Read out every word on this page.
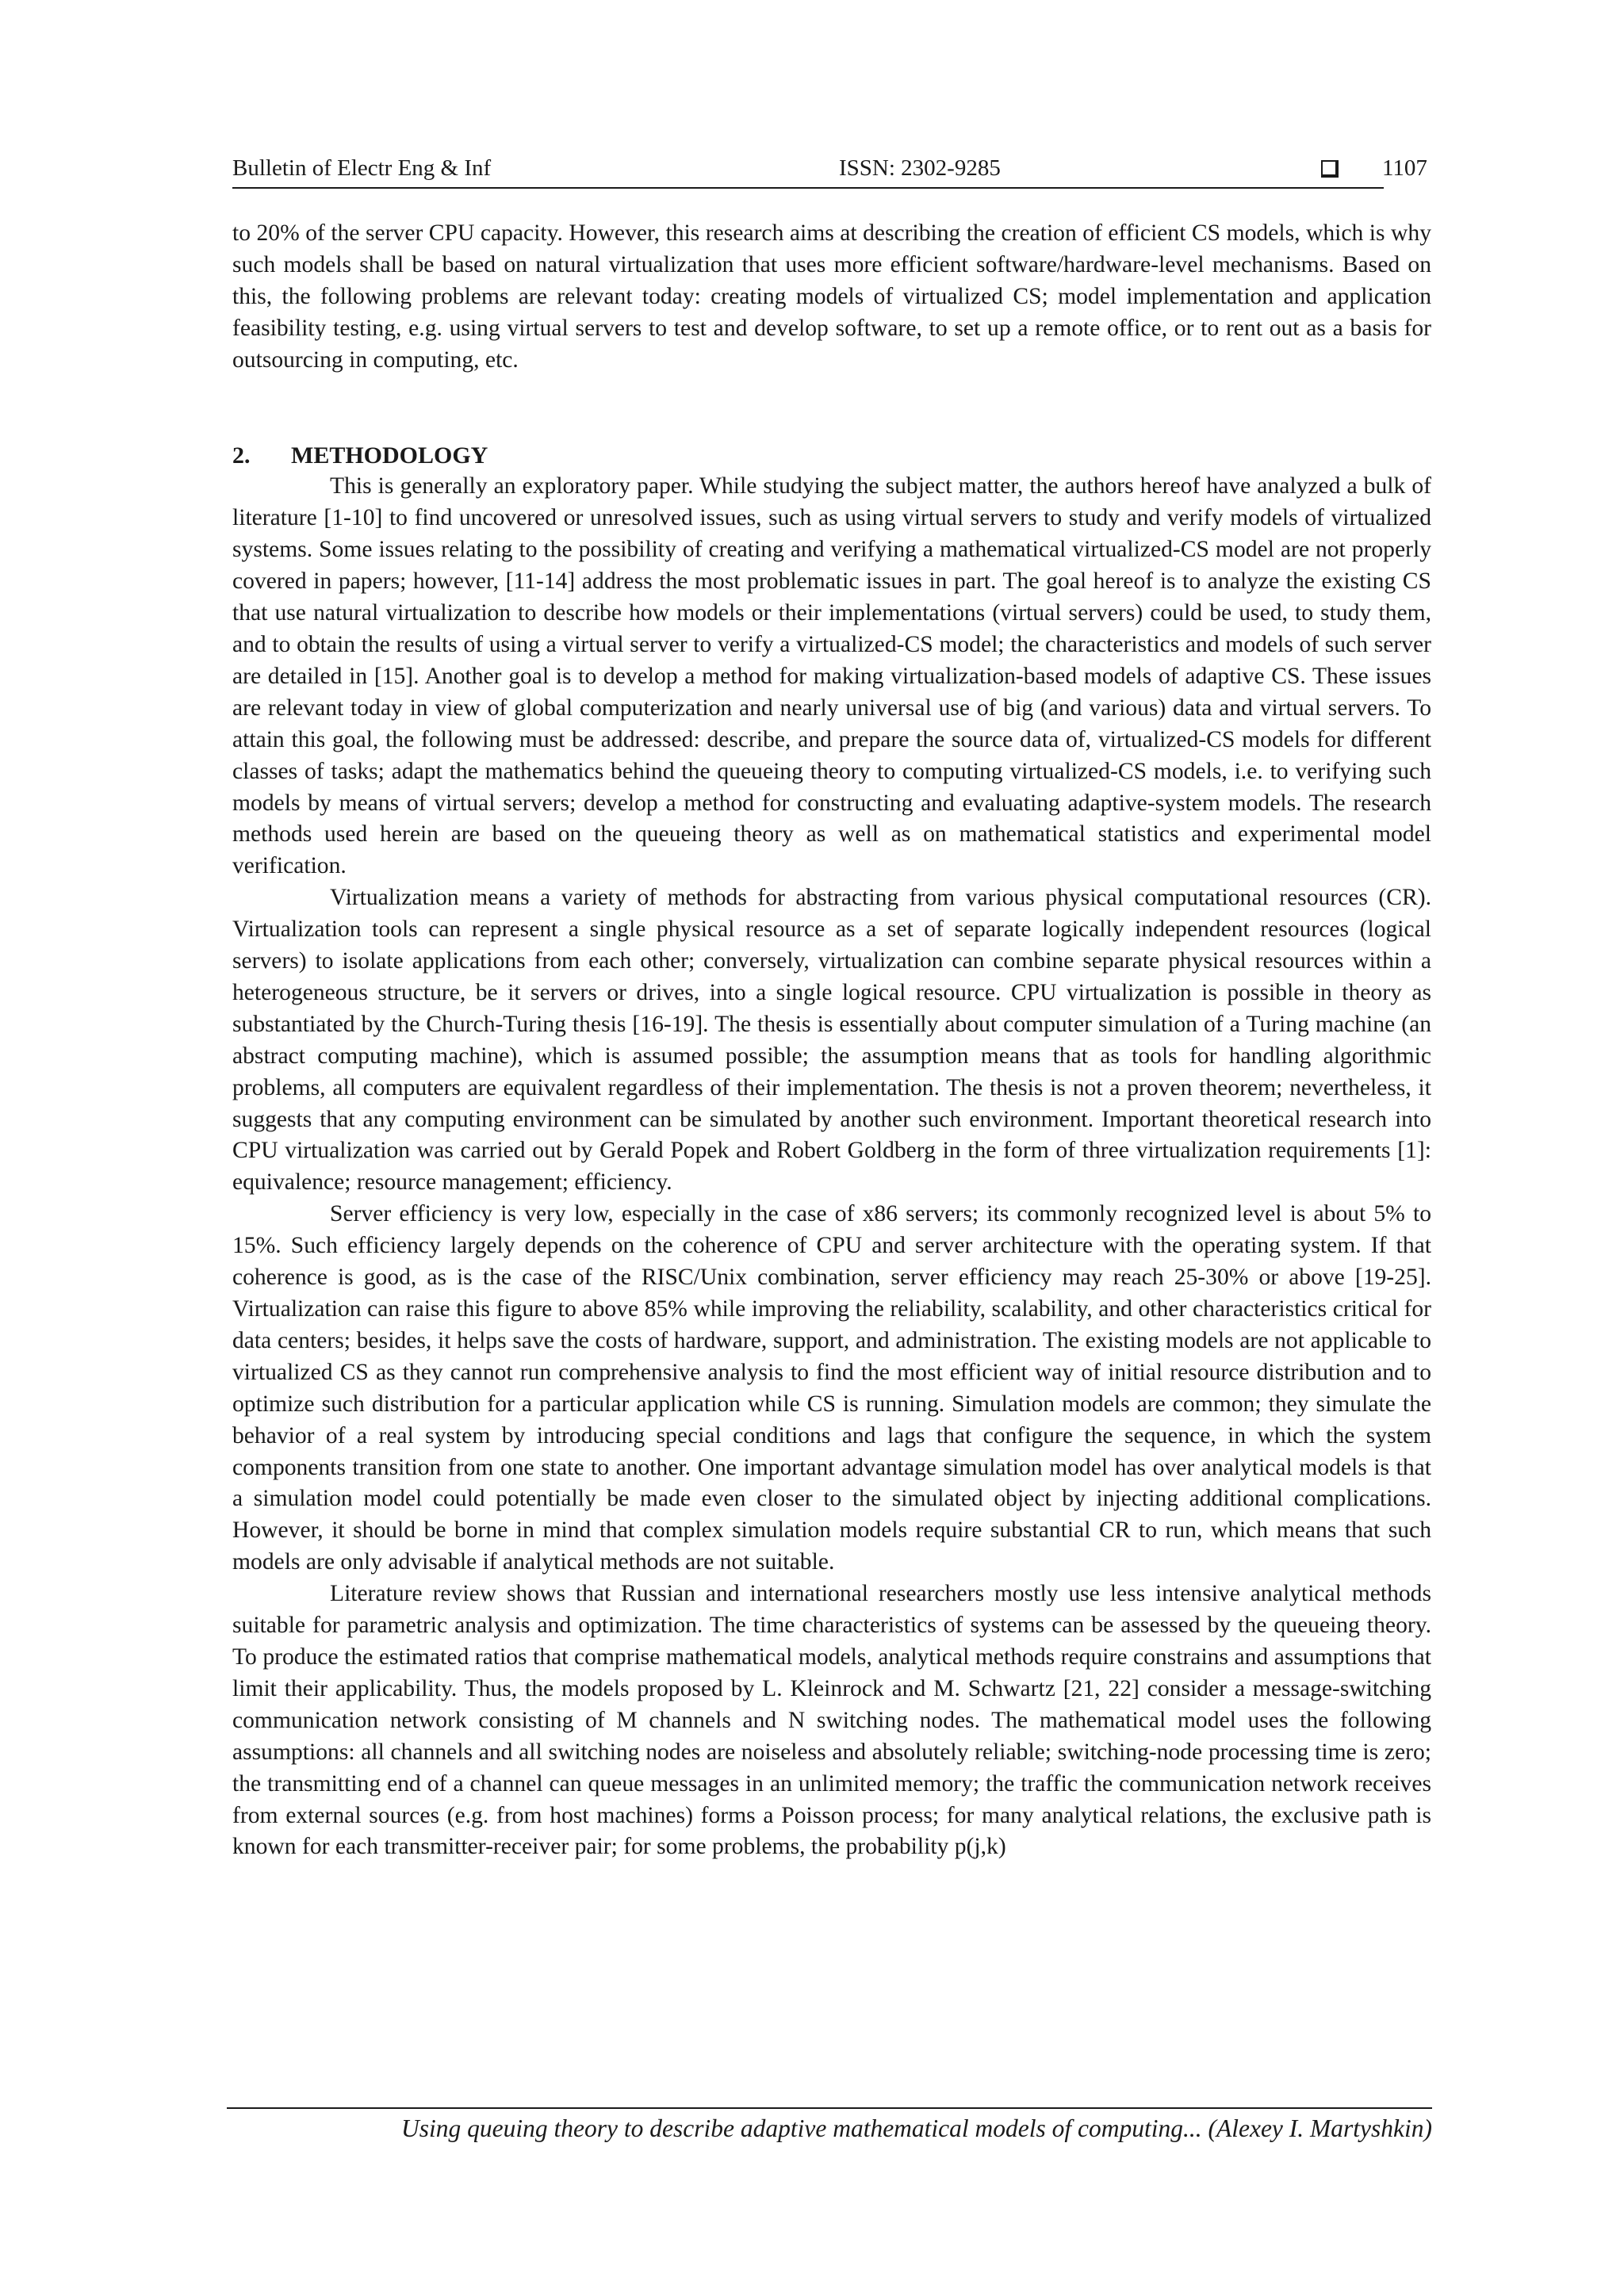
Bulletin of Electr Eng & Inf	ISSN: 2302-9285	1107

to 20% of the server CPU capacity. However, this research aims at describing the creation of efficient CS models, which is why such models shall be based on natural virtualization that uses more efficient software/hardware-level mechanisms. Based on this, the following problems are relevant today: creating models of virtualized CS; model implementation and application feasibility testing, e.g. using virtual servers to test and develop software, to set up a remote office, or to rent out as a basis for outsourcing in computing, etc.

2. METHODOLOGY

This is generally an exploratory paper. While studying the subject matter, the authors hereof have analyzed a bulk of literature [1-10] to find uncovered or unresolved issues, such as using virtual servers to study and verify models of virtualized systems. Some issues relating to the possibility of creating and verifying a mathematical virtualized-CS model are not properly covered in papers; however, [11-14] address the most problematic issues in part. The goal hereof is to analyze the existing CS that use natural virtualization to describe how models or their implementations (virtual servers) could be used, to study them, and to obtain the results of using a virtual server to verify a virtualized-CS model; the characteristics and models of such server are detailed in [15]. Another goal is to develop a method for making virtualization-based models of adaptive CS. These issues are relevant today in view of global computerization and nearly universal use of big (and various) data and virtual servers. To attain this goal, the following must be addressed: describe, and prepare the source data of, virtualized-CS models for different classes of tasks; adapt the mathematics behind the queueing theory to computing virtualized-CS models, i.e. to verifying such models by means of virtual servers; develop a method for constructing and evaluating adaptive-system models. The research methods used herein are based on the queueing theory as well as on mathematical statistics and experimental model verification.

Virtualization means a variety of methods for abstracting from various physical computational resources (CR). Virtualization tools can represent a single physical resource as a set of separate logically independent resources (logical servers) to isolate applications from each other; conversely, virtualization can combine separate physical resources within a heterogeneous structure, be it servers or drives, into a single logical resource. CPU virtualization is possible in theory as substantiated by the Church-Turing thesis [16-19]. The thesis is essentially about computer simulation of a Turing machine (an abstract computing machine), which is assumed possible; the assumption means that as tools for handling algorithmic problems, all computers are equivalent regardless of their implementation. The thesis is not a proven theorem; nevertheless, it suggests that any computing environment can be simulated by another such environment. Important theoretical research into CPU virtualization was carried out by Gerald Popek and Robert Goldberg in the form of three virtualization requirements [1]: equivalence; resource management; efficiency.

Server efficiency is very low, especially in the case of x86 servers; its commonly recognized level is about 5% to 15%. Such efficiency largely depends on the coherence of CPU and server architecture with the operating system. If that coherence is good, as is the case of the RISC/Unix combination, server efficiency may reach 25-30% or above [19-25]. Virtualization can raise this figure to above 85% while improving the reliability, scalability, and other characteristics critical for data centers; besides, it helps save the costs of hardware, support, and administration. The existing models are not applicable to virtualized CS as they cannot run comprehensive analysis to find the most efficient way of initial resource distribution and to optimize such distribution for a particular application while CS is running. Simulation models are common; they simulate the behavior of a real system by introducing special conditions and lags that configure the sequence, in which the system components transition from one state to another. One important advantage simulation model has over analytical models is that a simulation model could potentially be made even closer to the simulated object by injecting additional complications. However, it should be borne in mind that complex simulation models require substantial CR to run, which means that such models are only advisable if analytical methods are not suitable.

Literature review shows that Russian and international researchers mostly use less intensive analytical methods suitable for parametric analysis and optimization. The time characteristics of systems can be assessed by the queueing theory. To produce the estimated ratios that comprise mathematical models, analytical methods require constrains and assumptions that limit their applicability. Thus, the models proposed by L. Kleinrock and M. Schwartz [21, 22] consider a message-switching communication network consisting of M channels and N switching nodes. The mathematical model uses the following assumptions: all channels and all switching nodes are noiseless and absolutely reliable; switching-node processing time is zero; the transmitting end of a channel can queue messages in an unlimited memory; the traffic the communication network receives from external sources (e.g. from host machines) forms a Poisson process; for many analytical relations, the exclusive path is known for each transmitter-receiver pair; for some problems, the probability p(j,k)

Using queuing theory to describe adaptive mathematical models of computing... (Alexey I. Martyshkin)
